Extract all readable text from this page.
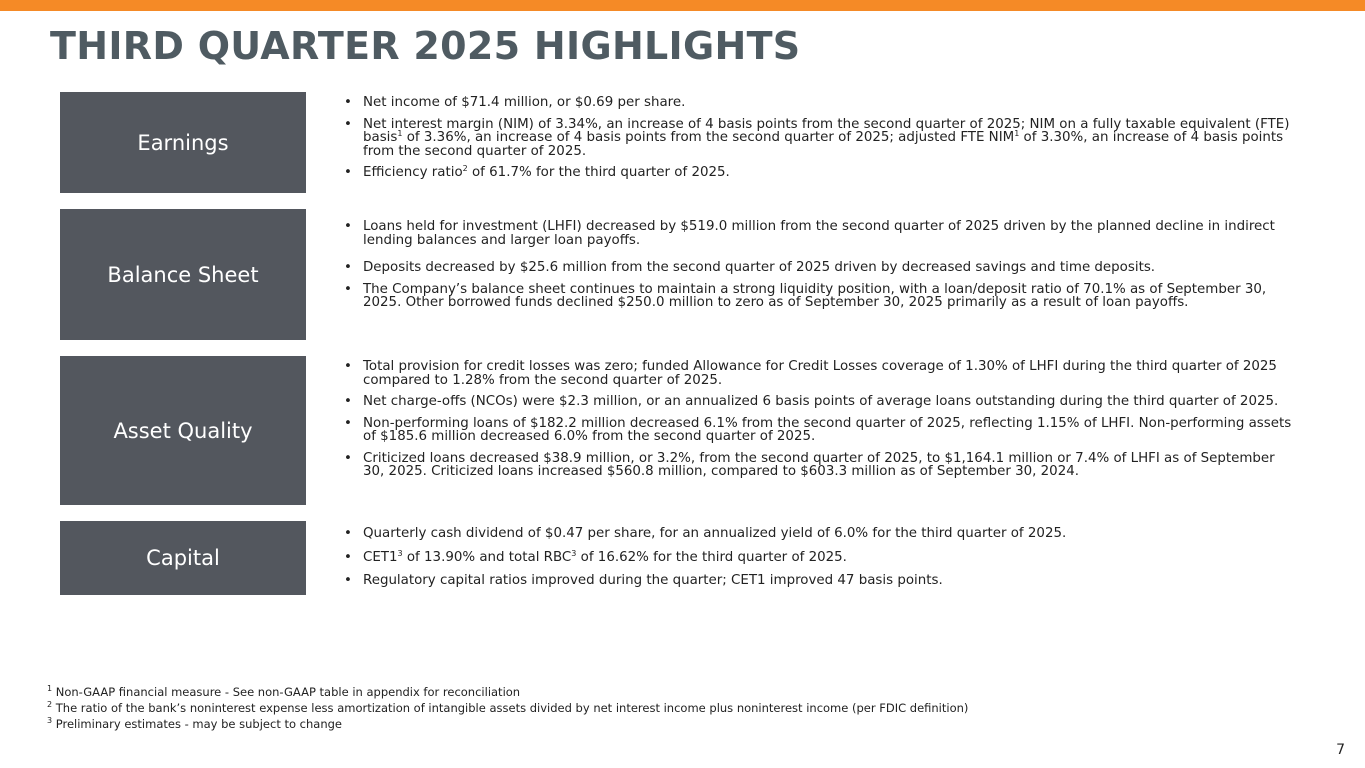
THIRD QUARTER 2025 HIGHLIGHTS
Earnings
• Net income of $71.4 million, or $0.69 per share.
• Net interest margin (NIM) of 3.34%, an increase of 4 basis points from the second quarter of 2025; NIM on a fully taxable equivalent (FTE) basis$^1$ of 3.36%, an increase of 4 basis points from the second quarter of 2025; adjusted FTE NIM$^1$ of 3.30%, an increase of 4 basis points from the second quarter of 2025.
• Efficiency ratio$^2$ of 61.7% for the third quarter of 2025.
Balance Sheet
• Loans held for investment (LHFI) decreased by $519.0 million from the second quarter of 2025 driven by the planned decline in indirect lending balances and larger loan payoffs.
• Deposits decreased by $25.6 million from the second quarter of 2025 driven by decreased savings and time deposits.
• The Company’s balance sheet continues to maintain a strong liquidity position, with a loan/deposit ratio of 70.1% as of September 30, 2025. Other borrowed funds declined $250.0 million to zero as of September 30, 2025 primarily as a result of loan payoffs.
Asset Quality
• Total provision for credit losses was zero; funded Allowance for Credit Losses coverage of 1.30% of LHFI during the third quarter of 2025 compared to 1.28% from the second quarter of 2025.
• Net charge-offs (NCOs) were $2.3 million, or an annualized 6 basis points of average loans outstanding during the third quarter of 2025.
• Non-performing loans of $182.2 million decreased 6.1% from the second quarter of 2025, reflecting 1.15% of LHFI. Non-performing assets of $185.6 million decreased 6.0% from the second quarter of 2025.
• Criticized loans decreased $38.9 million, or 3.2%, from the second quarter of 2025, to $1,164.1 million or 7.4% of LHFI as of September 30, 2025. Criticized loans increased $560.8 million, compared to $603.3 million as of September 30, 2024.
Capital
• Quarterly cash dividend of $0.47 per share, for an annualized yield of 6.0% for the third quarter of 2025.
• $CET1^3$ of 13.90% and total RBC$^3$ of 16.62% for the third quarter of 2025.
• Regulatory capital ratios improved during the quarter; CET1 improved 47 basis points.
$^1$ Non-GAAP financial measure - See non-GAAP table in appendix for reconciliation
$^2$ The ratio of the bank’s noninterest expense less amortization of intangible assets divided by net interest income plus noninterest income (per FDIC definition)
$^3$ Preliminary estimates - may be subject to change
7
